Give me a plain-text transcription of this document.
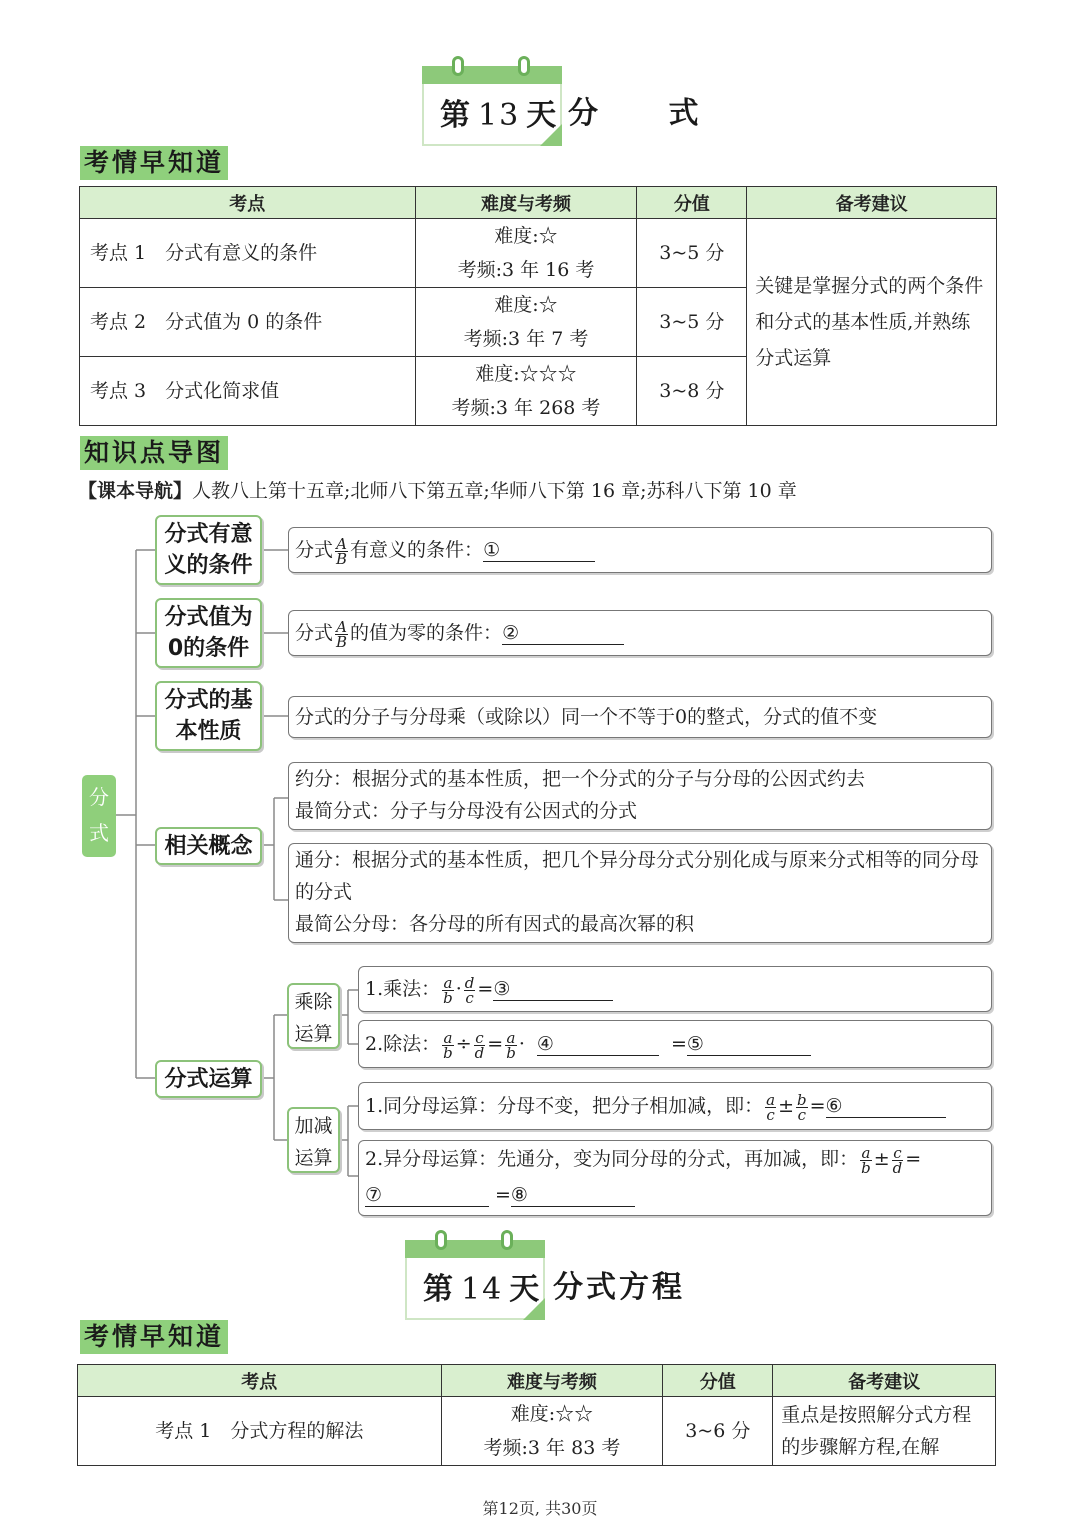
第 13 天 分 式
考情早知道
考点	难度与考频	分值	备考建议
考点 1　分式有意义的条件	难度:☆
考频:3 年 16 考	3~5 分	关键是掌握分式的两个条件和分式的基本性质,并熟练分式运算
考点 2　分式值为 0 的条件	难度:☆
考频:3 年 7 考	3~5 分	
考点 3　分式化简求值	难度:☆☆☆
考频:3 年 268 考	3~8 分	
知识点导图
【课本导航】人教八上第十五章;北师八下第五章;华师八下第 16 章;苏科八下第 10 章
分
式
分式有意
义的条件
分式值为
0的条件
分式的基
本性质
相关概念
分式运算
乘除
运算
加减
运算
分式 $\frac{A}{B}$ 有意义的条件：①
分式 $\frac{A}{B}$ 的值为零的条件：②
分式的分子与分母乘（或除以）同一个不等于0的整式，分式的值不变
约分：根据分式的基本性质，把一个分式的分子与分母的公因式约去
最简分式：分子与分母没有公因式的分式
通分：根据分式的基本性质，把几个异分母分式分别化成与原来分式相等的同分母的分式
最简公分母：各分母的所有因式的最高次幂的积
1.乘法： $\frac{a}{b} \cdot \frac{d}{c}$ =③
2.除法： $\frac{a}{b} \div \frac{c}{d} = \frac{a}{b}$ · ④	=⑤
1.同分母运算：分母不变，把分子相加减，即： $\frac{a}{c} \pm \frac{b}{c}$ =⑥
2.异分母运算：先通分，变为同分母的分式，再加减，即： $\frac{a}{b} \pm \frac{c}{d}$ =
⑦	=⑧
第 14 天 分式方程
考情早知道
考点	难度与考频	分值	备考建议
考点 1　分式方程的解法	难度:☆☆
考频:3 年 83 考	3~6 分	重点是按照解分式方程的步骤解方程,在解
第12页, 共30页
